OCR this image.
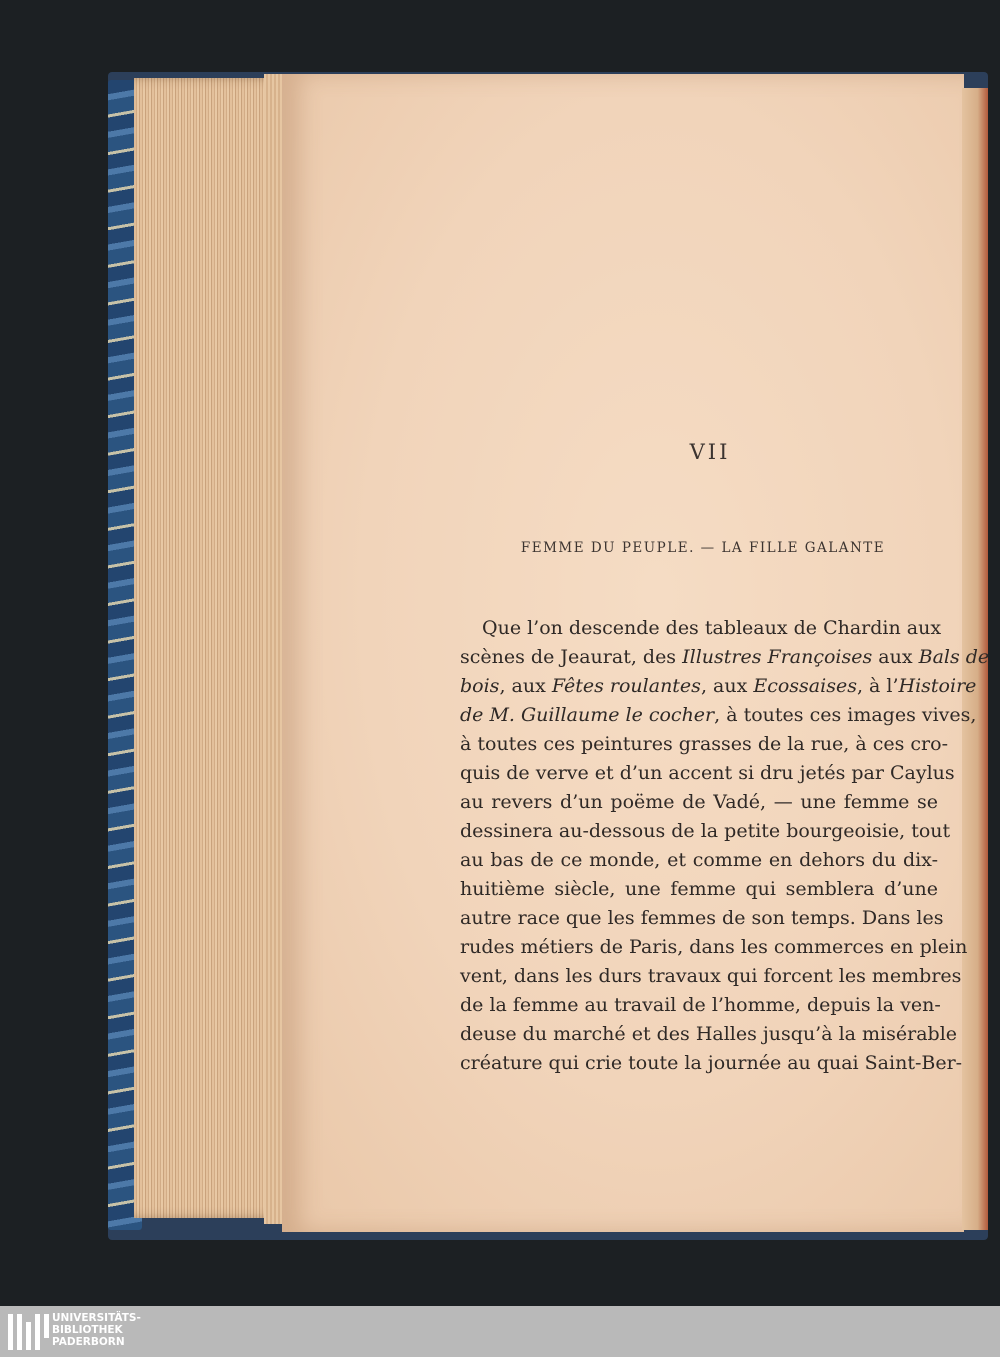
VII
FEMME DU PEUPLE. — LA FILLE GALANTE
Que l’on descende des tableaux de Chardin aux
scènes de Jeaurat, des Illustres Françoises aux Bals de
bois, aux Fêtes roulantes, aux Ecossaises, à l’Histoire
de M. Guillaume le cocher, à toutes ces images vives,
à toutes ces peintures grasses de la rue, à ces cro-
quis de verve et d’un accent si dru jetés par Caylus
au revers d’un poëme de Vadé, — une femme se
dessinera au-dessous de la petite bourgeoisie, tout
au bas de ce monde, et comme en dehors du dix-
huitième siècle, une femme qui semblera d’une
autre race que les femmes de son temps. Dans les
rudes métiers de Paris, dans les commerces en plein
vent, dans les durs travaux qui forcent les membres
de la femme au travail de l’homme, depuis la ven-
deuse du marché et des Halles jusqu’à la misérable
créature qui crie toute la journée au quai Saint-Ber-
UNIVERSITÄTS-
BIBLIOTHEK
PADERBORN
